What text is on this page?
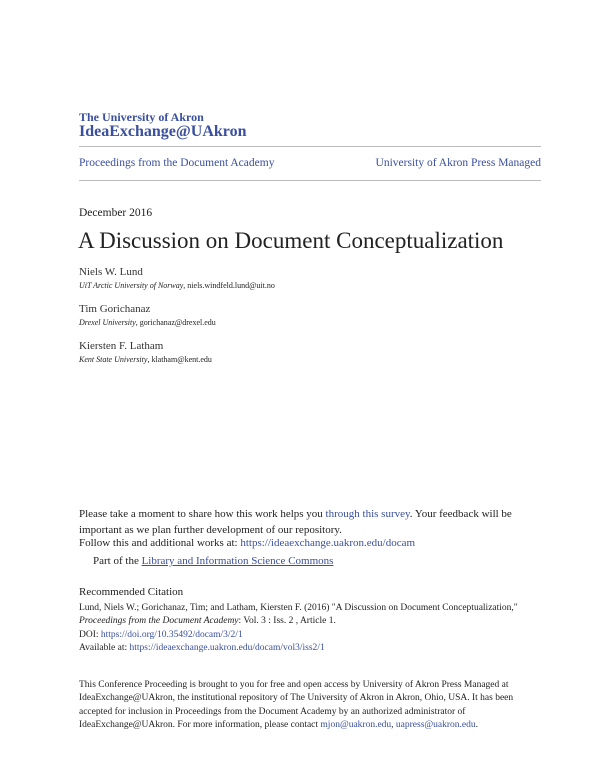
The University of Akron
IdeaExchange@UAkron
Proceedings from the Document Academy	University of Akron Press Managed
December 2016
A Discussion on Document Conceptualization
Niels W. Lund
UiT Arctic University of Norway, niels.windfeld.lund@uit.no
Tim Gorichanaz
Drexel University, gorichanaz@drexel.edu
Kiersten F. Latham
Kent State University, klatham@kent.edu
Please take a moment to share how this work helps you through this survey. Your feedback will be important as we plan further development of our repository.
Follow this and additional works at: https://ideaexchange.uakron.edu/docam
Part of the Library and Information Science Commons
Recommended Citation
Lund, Niels W.; Gorichanaz, Tim; and Latham, Kiersten F. (2016) "A Discussion on Document Conceptualization," Proceedings from the Document Academy: Vol. 3 : Iss. 2 , Article 1.
DOI: https://doi.org/10.35492/docam/3/2/1
Available at: https://ideaexchange.uakron.edu/docam/vol3/iss2/1
This Conference Proceeding is brought to you for free and open access by University of Akron Press Managed at IdeaExchange@UAkron, the institutional repository of The University of Akron in Akron, Ohio, USA. It has been accepted for inclusion in Proceedings from the Document Academy by an authorized administrator of IdeaExchange@UAkron. For more information, please contact mjon@uakron.edu, uapress@uakron.edu.
